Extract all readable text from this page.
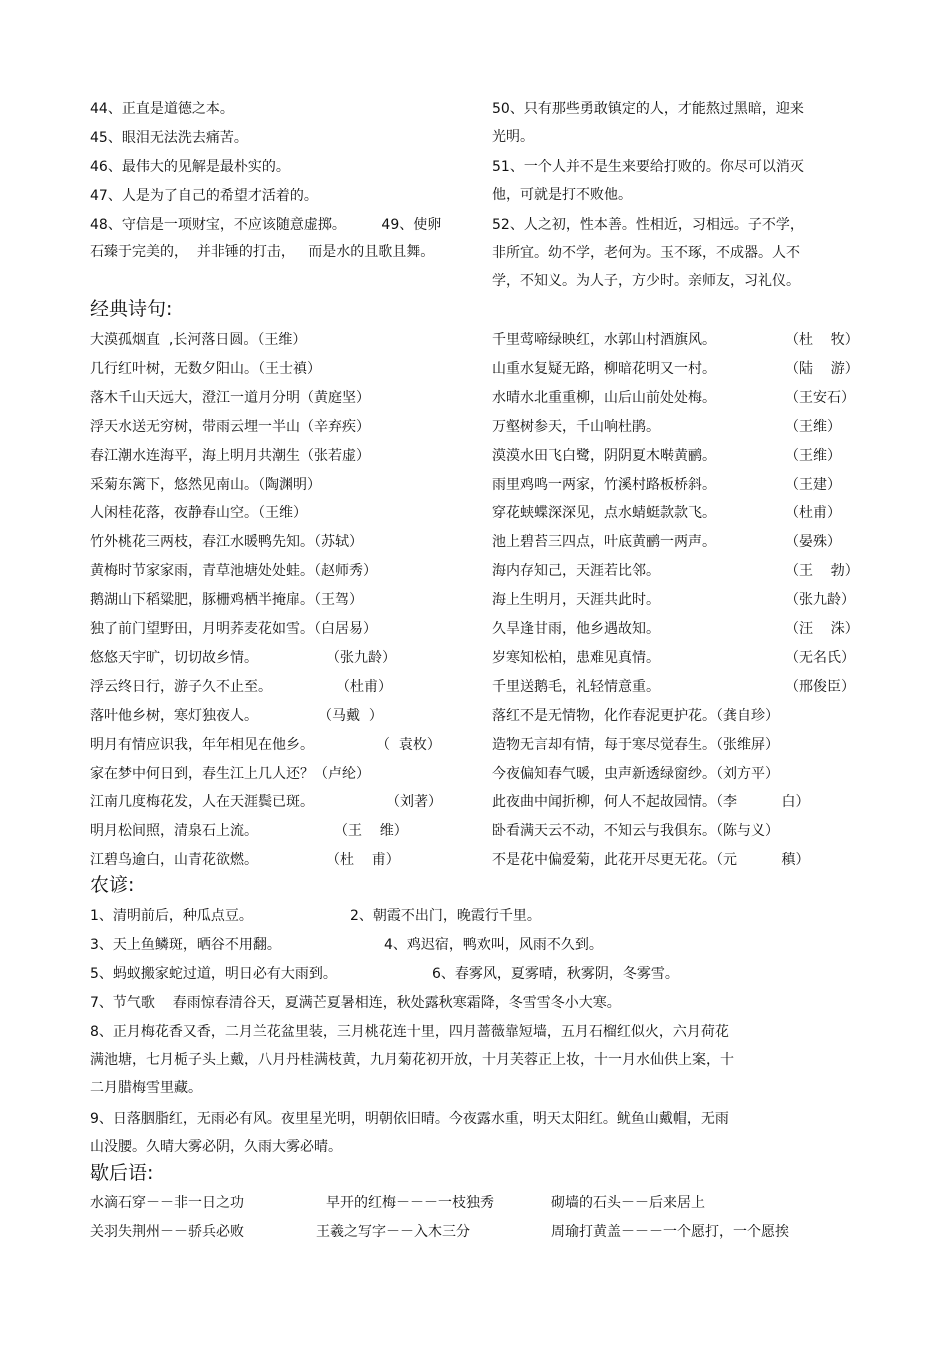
44、正直是道德之本。	50、只有那些勇敢镇定的人，才能熬过黑暗，迎来
光明。
45、眼泪无法洗去痛苦。
46、最伟大的见解是最朴实的。	51、一个人并不是生来要给打败的。你尽可以消灭
他，可就是打不败他。
47、人是为了自己的希望才活着的。
48、守信是一项财宝，不应该随意虚掷。        49、使卵
石臻于完美的，  并非锤的打击，   而是水的且歌且舞。
52、人之初，性本善。性相近，习相远。子不学，
非所宜。幼不学，老何为。玉不琢，不成器。人不
学，不知义。为人子，方少时。亲师友，习礼仪。
经典诗句:
大漠孤烟直  ,长河落日圆。（王维）
几行红叶树，无数夕阳山。（王士禛）
落木千山天远大，澄江一道月分明（黄庭坚）
浮天水送无穷树，带雨云埋一半山（辛弃疾）
春江潮水连海平，海上明月共潮生（张若虚）
采菊东篱下，悠然见南山。（陶渊明）
人闲桂花落，夜静春山空。（王维）
竹外桃花三两枝，春江水暖鸭先知。（苏轼）
黄梅时节家家雨，青草池塘处处蛙。（赵师秀）
鹅湖山下稻粱肥，豚栅鸡栖半掩扉。（王驾）
独了前门望野田，月明荞麦花如雪。（白居易）
悠悠天宇旷，切切故乡情。	（张九龄）
浮云终日行，游子久不止至。	（杜甫）
落叶他乡树，寒灯独夜人。	（马戴  ）
明月有情应识我，年年相见在他乡。	（  袁枚）
家在梦中何日到，春生江上几人还？（卢纶）
江南几度梅花发，人在天涯鬓已斑。	（刘著）
明月松间照，清泉石上流。	（王    维）
江碧鸟逾白，山青花欲燃。	（杜    甫）
千里莺啼绿映红，水郭山村酒旗风。	（杜    牧）
山重水复疑无路，柳暗花明又一村。	（陆    游）
水晴水北重重柳，山后山前处处梅。	（王安石）
万壑树参天，千山响杜鹃。	（王维）
漠漠水田飞白鹭，阴阴夏木啭黄鹂。	（王维）
雨里鸡鸣一两家，竹溪村路板桥斜。	（王建）
穿花蛱蝶深深见，点水蜻蜓款款飞。	（杜甫）
池上碧苔三四点，叶底黄鹂一两声。	（晏殊）
海内存知己，天涯若比邻。	（王    勃）
海上生明月，天涯共此时。	（张九龄）
久旱逢甘雨，他乡遇故知。	（汪    洙）
岁寒知松柏，患难见真情。	（无名氏）
千里送鹅毛，礼轻情意重。	（邢俊臣）
落红不是无情物，化作春泥更护花。（龚自珍）
造物无言却有情，每于寒尽觉春生。（张维屏）
今夜偏知春气暖，虫声新透绿窗纱。（刘方平）
此夜曲中闻折柳，何人不起故园情。（李          白）
卧看满天云不动，不知云与我俱东。（陈与义）
不是花中偏爱菊，此花开尽更无花。（元          稹）
农谚:
1、清明前后，种瓜点豆。	2、朝霞不出门，晚霞行千里。
3、天上鱼鳞斑，晒谷不用翻。	4、鸡迟宿，鸭欢叫，风雨不久到。
5、蚂蚁搬家蛇过道，明日必有大雨到。	6、春雾风，夏雾晴，秋雾阴，冬雾雪。
7、节气歌    春雨惊春清谷天，夏满芒夏暑相连，秋处露秋寒霜降，冬雪雪冬小大寒。
8、正月梅花香又香，二月兰花盆里装，三月桃花连十里，四月蔷薇靠短墙，五月石榴红似火，六月荷花
满池塘，七月栀子头上戴，八月丹桂满枝黄，九月菊花初开放，十月芙蓉正上妆，十一月水仙供上案，十
二月腊梅雪里藏。
9、日落胭脂红，无雨必有风。夜里星光明，明朝依旧晴。今夜露水重，明天太阳红。鱿鱼山戴帽，无雨
山没腰。久晴大雾必阴，久雨大雾必晴。
歇后语:
水滴石穿－－非一日之功	早开的红梅－－－一枝独秀	砌墙的石头－－后来居上
关羽失荆州－－骄兵必败	王羲之写字－－入木三分	周瑜打黄盖－－－一个愿打，一个愿挨
